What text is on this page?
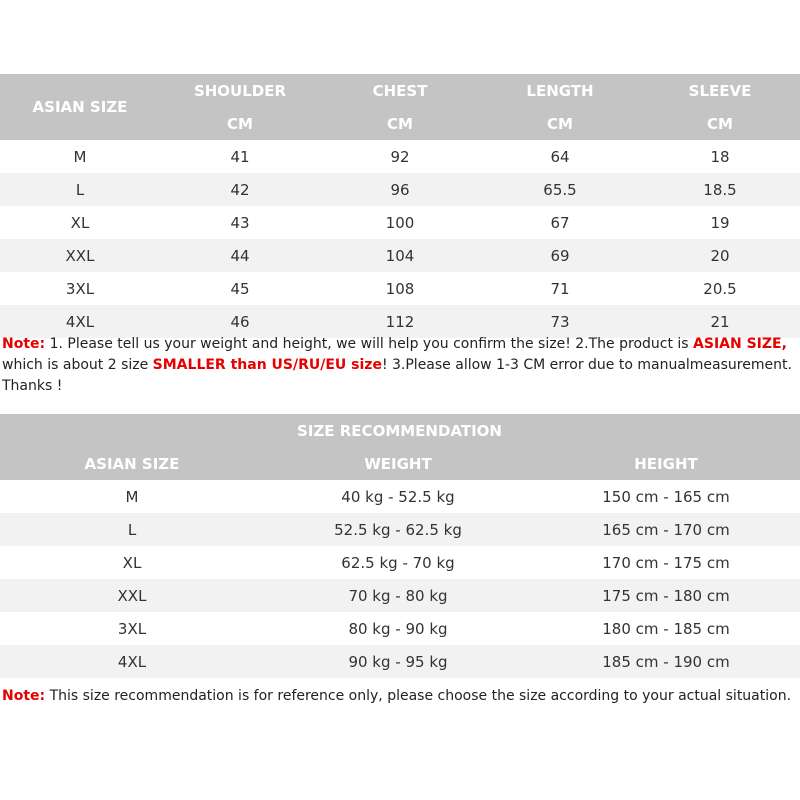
ASIAN SIZE	SHOULDER	CHEST	LENGTH	SLEEVE
	CM	CM	CM	CM
M	41	92	64	18
L	42	96	65.5	18.5
XL	43	100	67	19
XXL	44	104	69	20
3XL	45	108	71	20.5
4XL	46	112	73	21
Note: 1. Please tell us your weight and height, we will help you confirm the size! 2.The product is ASIAN SIZE, which is about 2 size SMALLER than US/RU/EU size! 3.Please allow 1-3 CM error due to manualmeasurement. Thanks !
SIZE RECOMMENDATION		
ASIAN SIZE	WEIGHT	HEIGHT
M	40 kg - 52.5 kg	150 cm - 165 cm
L	52.5 kg - 62.5 kg	165 cm - 170 cm
XL	62.5 kg - 70 kg	170 cm - 175 cm
XXL	70 kg - 80 kg	175 cm - 180 cm
3XL	80 kg - 90 kg	180 cm - 185 cm
4XL	90 kg - 95 kg	185 cm - 190 cm
Note: This size recommendation is for reference only, please choose the size according to your actual situation.
